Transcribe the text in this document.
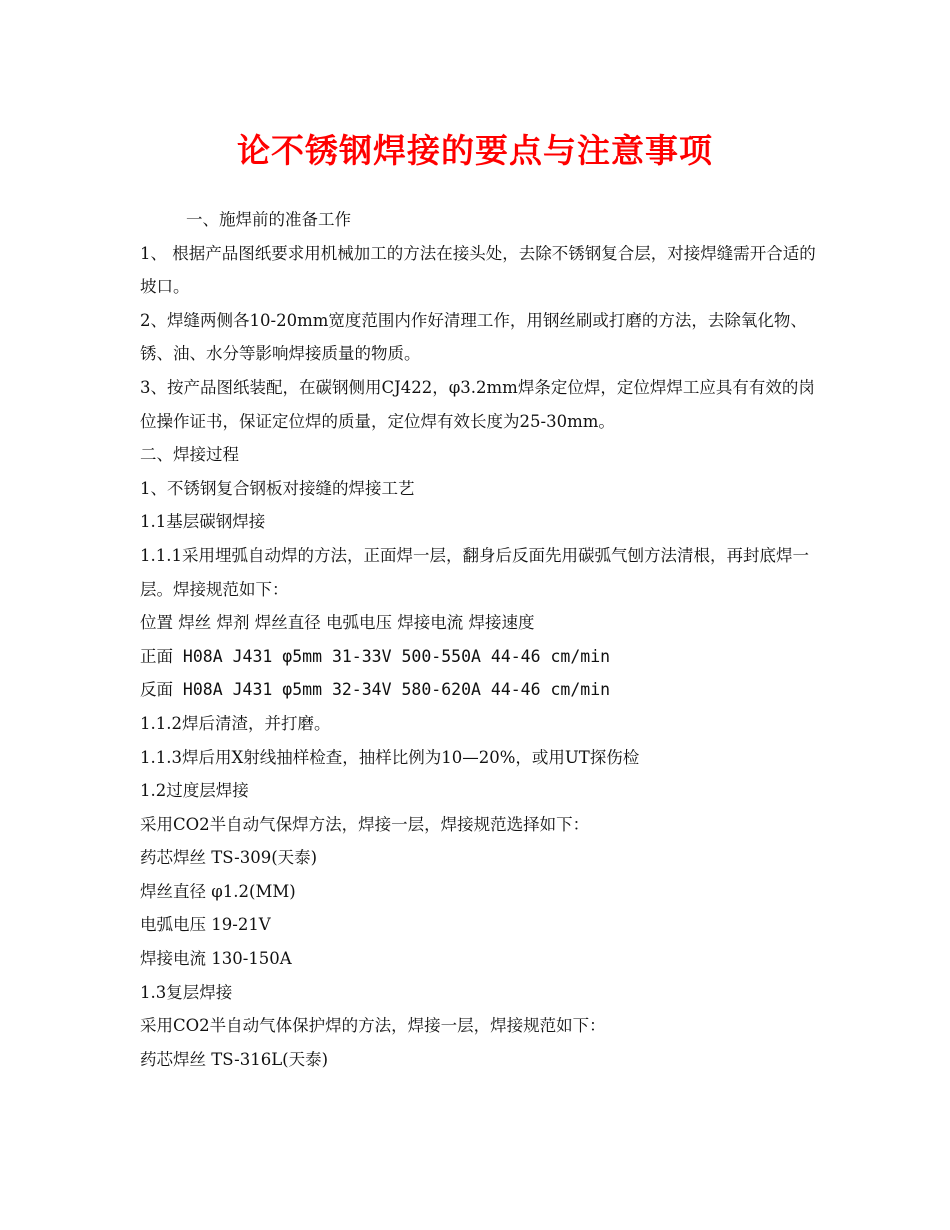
论不锈钢焊接的要点与注意事项

一、施焊前的准备工作

1、 根据产品图纸要求用机械加工的方法在接头处，去除不锈钢复合层，对接焊缝需开合适的坡口。

2、焊缝两侧各10-20mm宽度范围内作好清理工作，用钢丝刷或打磨的方法，去除氧化物、锈、油、水分等影响焊接质量的物质。

3、按产品图纸装配，在碳钢侧用CJ422，φ3.2mm焊条定位焊，定位焊焊工应具有有效的岗位操作证书，保证定位焊的质量，定位焊有效长度为25-30mm。

二、焊接过程

1、不锈钢复合钢板对接缝的焊接工艺

1.1基层碳钢焊接

1.1.1采用埋弧自动焊的方法，正面焊一层，翻身后反面先用碳弧气刨方法清根，再封底焊一层。焊接规范如下：

位置 焊丝 焊剂 焊丝直径 电弧电压 焊接电流 焊接速度

正面 H08A J431 φ5mm 31-33V 500-550A 44-46 cm/min

反面 H08A J431 φ5mm 32-34V 580-620A 44-46 cm/min

1.1.2焊后清渣，并打磨。

1.1.3焊后用X射线抽样检查，抽样比例为10—20%，或用UT探伤检

1.2过度层焊接

采用CO2半自动气保焊方法，焊接一层，焊接规范选择如下：

药芯焊丝 TS-309(天泰)

焊丝直径 φ1.2(MM)

电弧电压 19-21V

焊接电流 130-150A

1.3复层焊接

采用CO2半自动气体保护焊的方法，焊接一层，焊接规范如下：

药芯焊丝 TS-316L(天泰)
